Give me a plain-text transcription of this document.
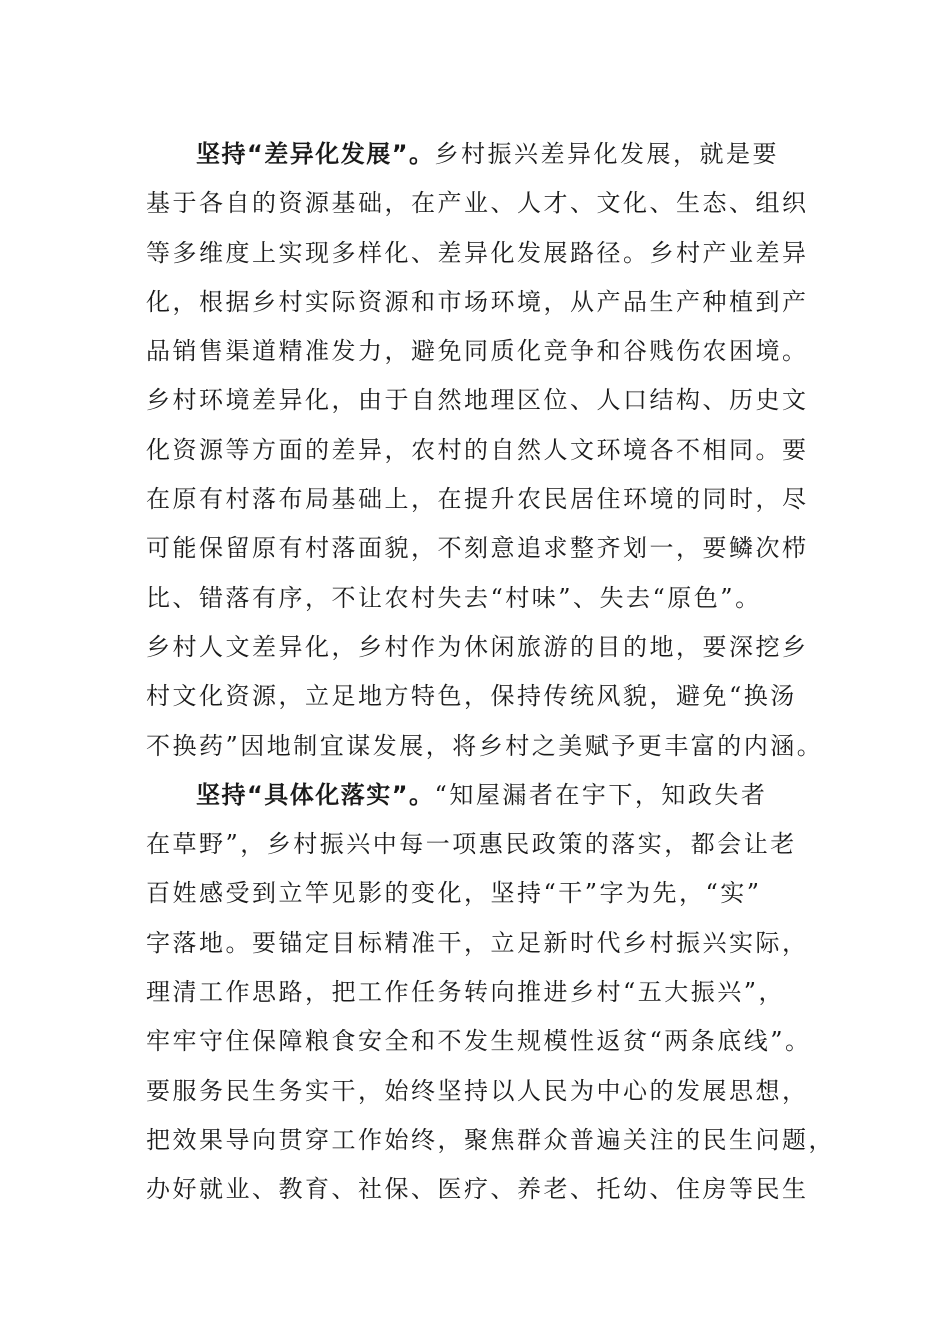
坚持“差异化发展”。乡村振兴差异化发展，就是要
基于各自的资源基础，在产业、人才、文化、生态、组织
等多维度上实现多样化、差异化发展路径。乡村产业差异
化，根据乡村实际资源和市场环境，从产品生产种植到产
品销售渠道精准发力，避免同质化竞争和谷贱伤农困境。
乡村环境差异化，由于自然地理区位、人口结构、历史文
化资源等方面的差异，农村的自然人文环境各不相同。要
在原有村落布局基础上，在提升农民居住环境的同时，尽
可能保留原有村落面貌，不刻意追求整齐划一，要鳞次栉
比、错落有序，不让农村失去“村味”、失去“原色”。
乡村人文差异化，乡村作为休闲旅游的目的地，要深挖乡
村文化资源，立足地方特色，保持传统风貌，避免“换汤
不换药”因地制宜谋发展，将乡村之美赋予更丰富的内涵。
坚持“具体化落实”。“知屋漏者在宇下，知政失者
在草野”，乡村振兴中每一项惠民政策的落实，都会让老
百姓感受到立竿见影的变化，坚持“干”字为先，“实”
字落地。要锚定目标精准干，立足新时代乡村振兴实际，
理清工作思路，把工作任务转向推进乡村“五大振兴”，
牢牢守住保障粮食安全和不发生规模性返贫“两条底线”。
要服务民生务实干，始终坚持以人民为中心的发展思想，
把效果导向贯穿工作始终，聚焦群众普遍关注的民生问题，
办好就业、教育、社保、医疗、养老、托幼、住房等民生
